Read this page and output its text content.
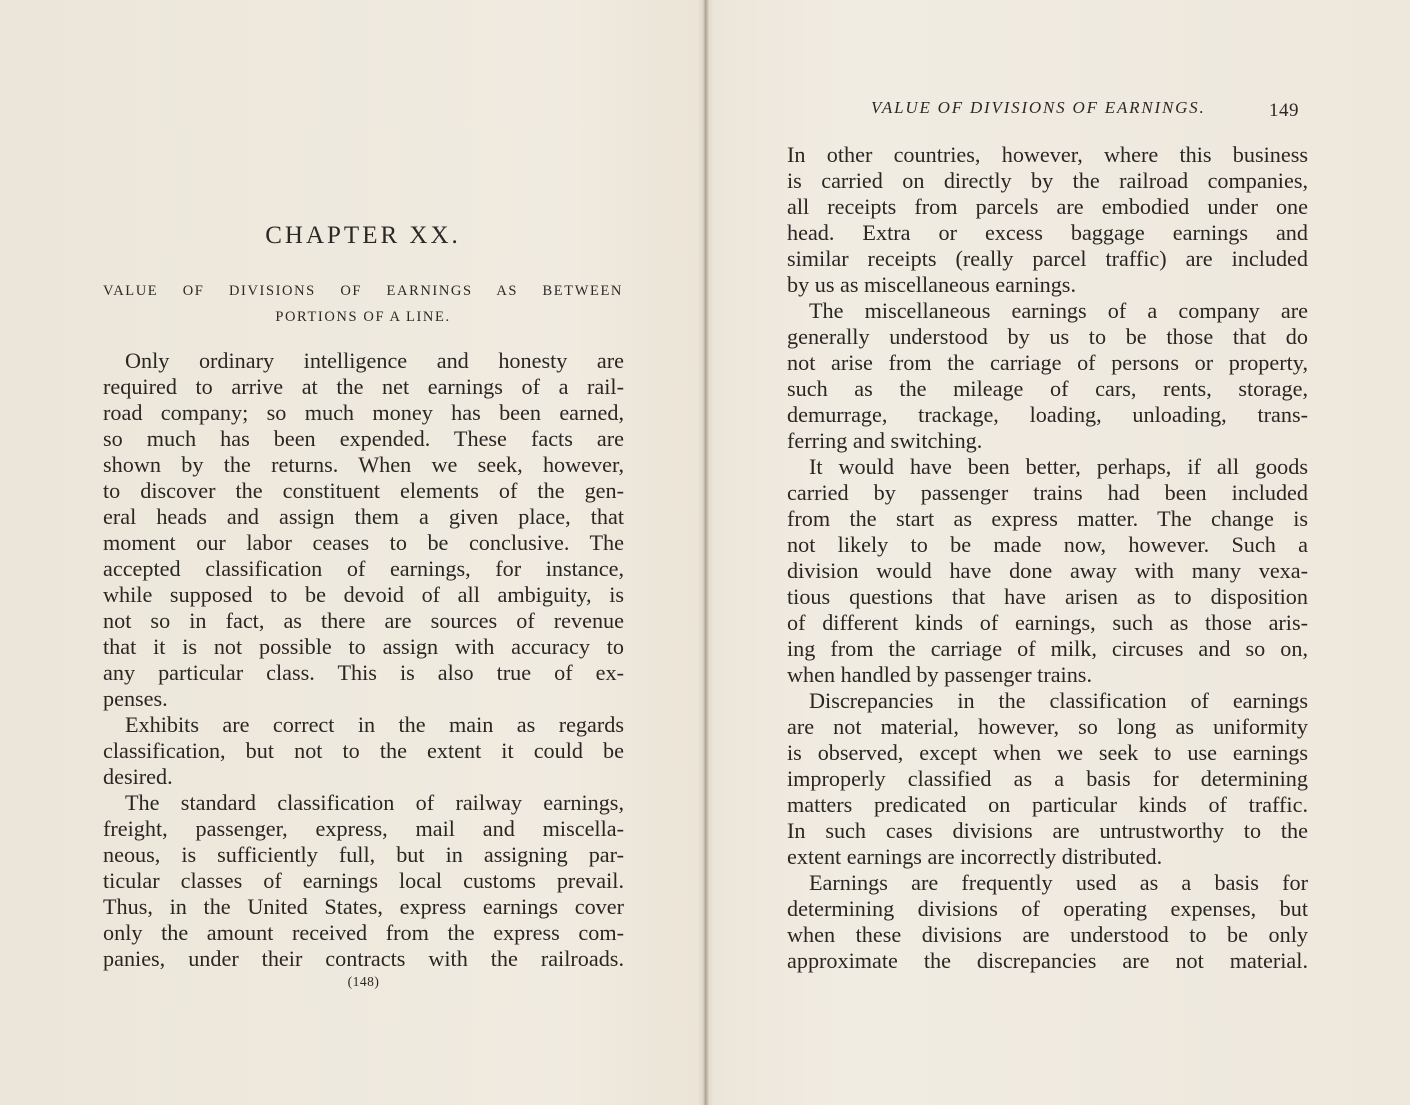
CHAPTER XX.
VALUE OF DIVISIONS OF EARNINGS AS BETWEEN
PORTIONS OF A LINE.
Only ordinary intelligence and honesty are
required to arrive at the net earnings of a rail-
road company; so much money has been earned,
so much has been expended. These facts are
shown by the returns. When we seek, however,
to discover the constituent elements of the gen-
eral heads and assign them a given place, that
moment our labor ceases to be conclusive. The
accepted classification of earnings, for instance,
while supposed to be devoid of all ambiguity, is
not so in fact, as there are sources of revenue
that it is not possible to assign with accuracy to
any particular class. This is also true of ex-
penses.
Exhibits are correct in the main as regards
classification, but not to the extent it could be
desired.
The standard classification of railway earnings,
freight, passenger, express, mail and miscella-
neous, is sufficiently full, but in assigning par-
ticular classes of earnings local customs prevail.
Thus, in the United States, express earnings cover
only the amount received from the express com-
panies, under their contracts with the railroads.
(148)
VALUE OF DIVISIONS OF EARNINGS.	149
In other countries, however, where this business
is carried on directly by the railroad companies,
all receipts from parcels are embodied under one
head. Extra or excess baggage earnings and
similar receipts (really parcel traffic) are included
by us as miscellaneous earnings.
The miscellaneous earnings of a company are
generally understood by us to be those that do
not arise from the carriage of persons or property,
such as the mileage of cars, rents, storage,
demurrage, trackage, loading, unloading, trans-
ferring and switching.
It would have been better, perhaps, if all goods
carried by passenger trains had been included
from the start as express matter. The change is
not likely to be made now, however. Such a
division would have done away with many vexa-
tious questions that have arisen as to disposition
of different kinds of earnings, such as those aris-
ing from the carriage of milk, circuses and so on,
when handled by passenger trains.
Discrepancies in the classification of earnings
are not material, however, so long as uniformity
is observed, except when we seek to use earnings
improperly classified as a basis for determining
matters predicated on particular kinds of traffic.
In such cases divisions are untrustworthy to the
extent earnings are incorrectly distributed.
Earnings are frequently used as a basis for
determining divisions of operating expenses, but
when these divisions are understood to be only
approximate the discrepancies are not material.
